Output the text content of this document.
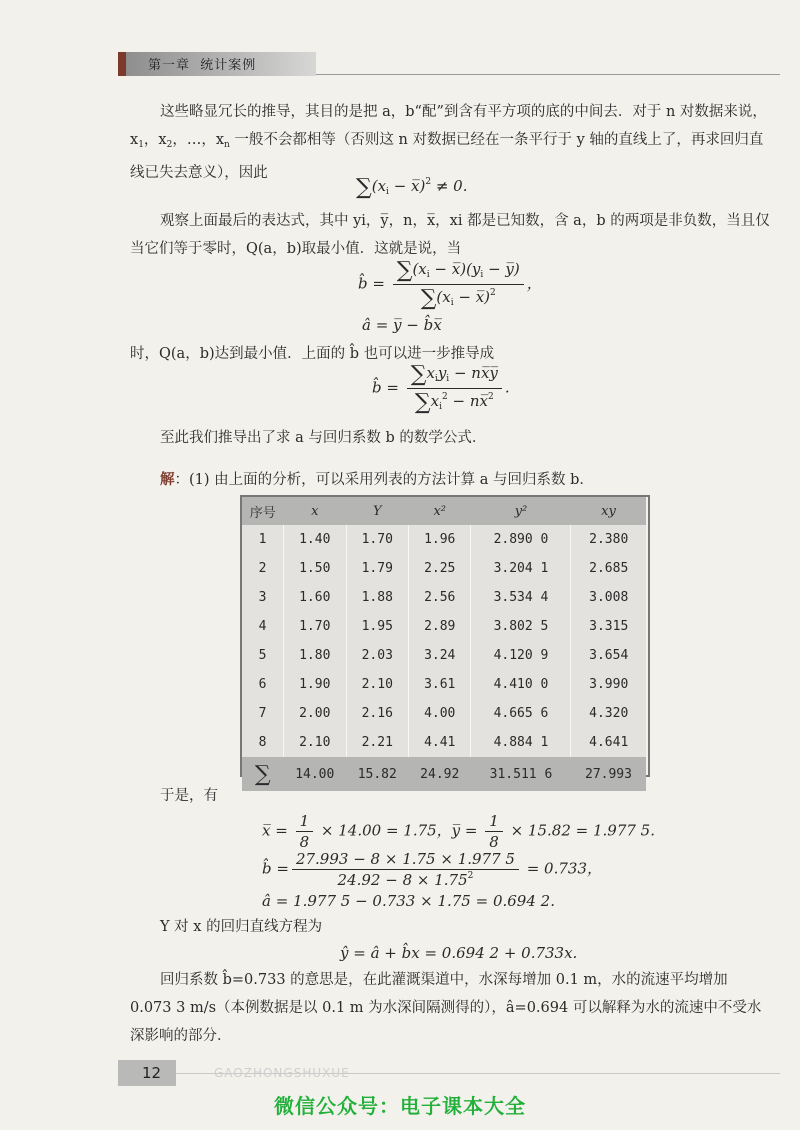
第一章 统计案例
这些略显冗长的推导，其目的是把 a，b“配”到含有平方项的底的中间去．对于 n 对数据来说，$x_1$，$x_2$，…，$x_n$ 一般不会都相等（否则这 n 对数据已经在一条平行于 y 轴的直线上了，再求回归直线已失去意义），因此
$\sum(x_i$ − x̅)$^2$ ≠ 0.
观察上面最后的表达式，其中 yi，y̅，n，x̅，xi 都是已知数，含 a，b 的两项是非负数，当且仅当它们等于零时，Q(a，b)取最小值．这就是说，当
b̂ = $\frac{\sum(x_i - x̅)(y_i - y̅)}{\sum(x_i - x̅)^2}$ ，
â = y̅ − b̂x̅
时，Q(a，b)达到最小值．上面的 b̂ 也可以进一步推导成
b̂ = $\frac{\sum x_iy_i - nx̅y̅}{\sum x_i^2 - nx̅^2}$ .
至此我们推导出了求 a 与回归系数 b 的数学公式．
解：(1) 由上面的分析，可以采用列表的方法计算 a 与回归系数 b．
序号	x	Y	x²	y²	xy
1	1.40	1.70	1.96	2.890 0	2.380
2	1.50	1.79	2.25	3.204 1	2.685
3	1.60	1.88	2.56	3.534 4	3.008
4	1.70	1.95	2.89	3.802 5	3.315
5	1.80	2.03	3.24	4.120 9	3.654
6	1.90	2.10	3.61	4.410 0	3.990
7	2.00	2.16	4.00	4.665 6	4.320
8	2.10	2.21	4.41	4.884 1	4.641
∑	14.00	15.82	24.92	31.511 6	27.993
于是，有
x̅ = $\frac{1}{8} \times 14.00 = 1.75$，y̅ = $\frac{1}{8} \times 15.82 = 1.977$ 5.
b̂ = $\frac{27.993 - 8 \times 1.75 \times 1.977 5}{24.92 - 8 \times 1.75^2} = 0.733$，
â = 1.977 5 − 0.733 × 1.75 = 0.694 2.
Y 对 x 的回归直线方程为
ŷ = â + b̂x = 0.694 2 + 0.733x.
回归系数 b̂=0.733 的意思是，在此灌溉渠道中，水深每增加 0.1 m，水的流速平均增加 0.073 3 m/s（本例数据是以 0.1 m 为水深间隔测得的），â=0.694 可以解释为水的流速中不受水深影响的部分．
12	GAOZHONGSHUXUE
微信公众号：电子课本大全
